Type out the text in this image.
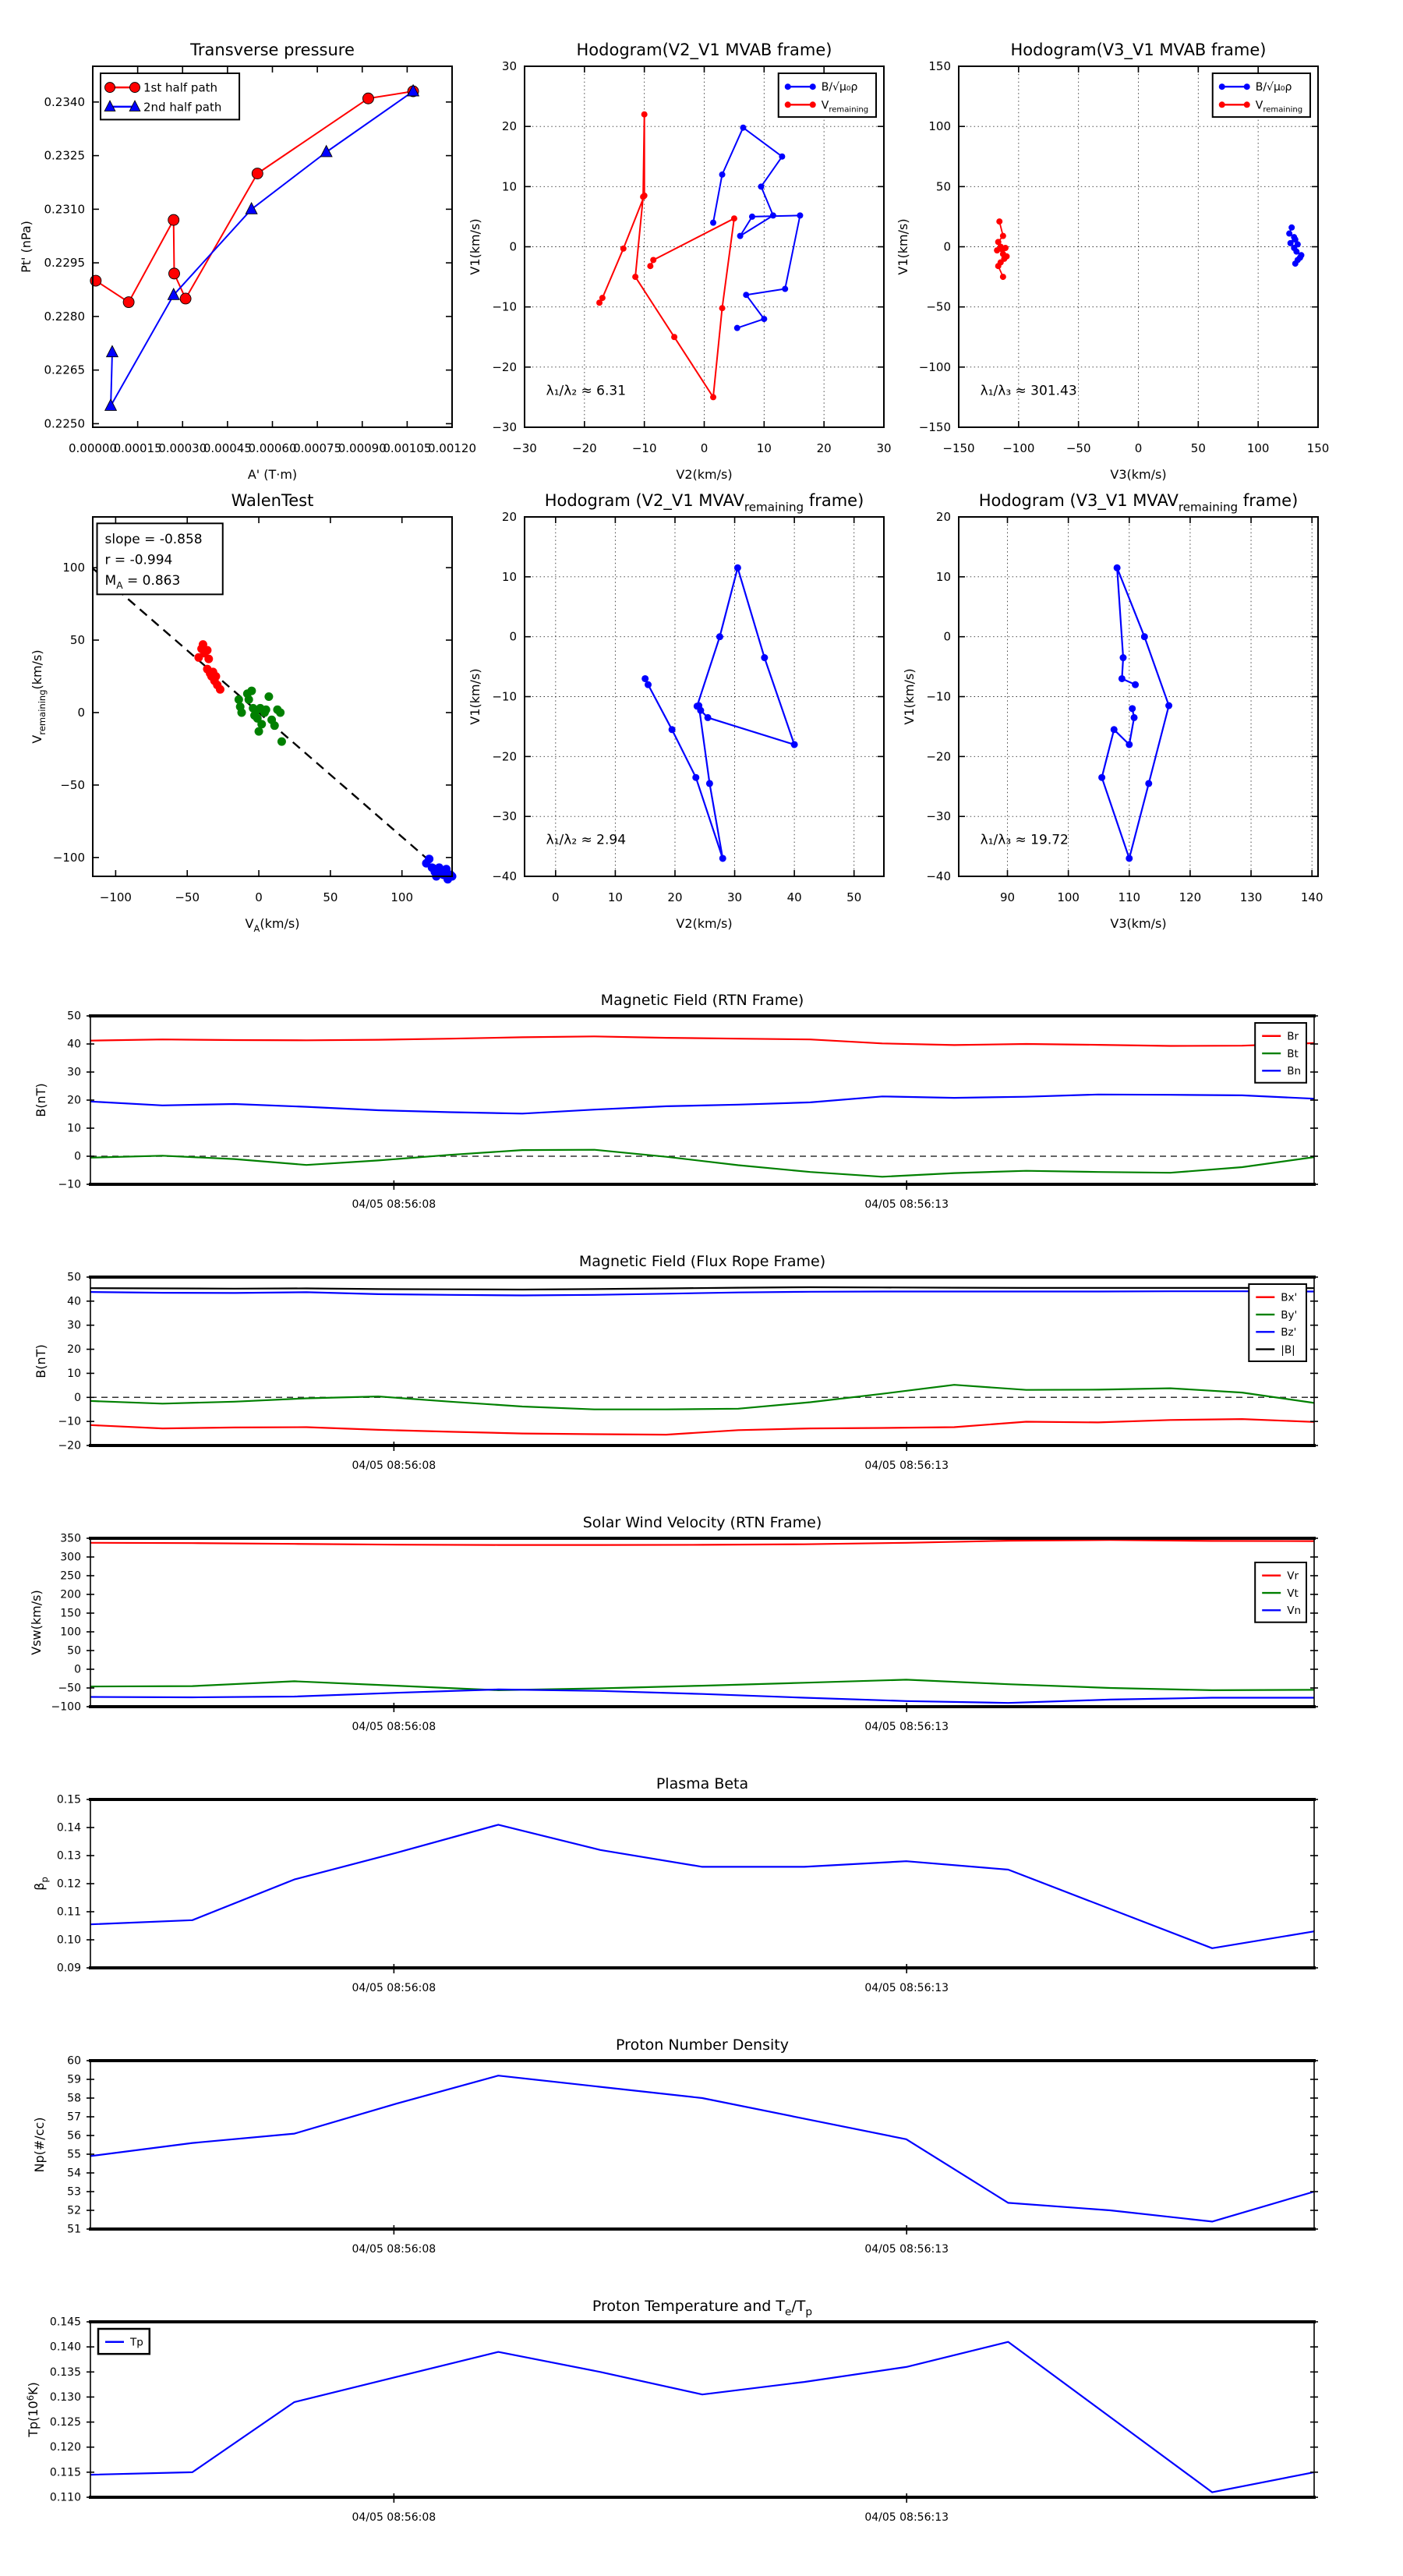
0.00000
0.00015
0.00030
0.00045
0.00060
0.00075
0.00090
0.00105
0.00120
0.2250
0.2265
0.2280
0.2295
0.2310
0.2325
0.2340
Transverse pressure
A' (T·m)
Pt' (nPa)
1st half path
2nd half path
−30	−20	−10	0	10	20	30
−30
−20
−10
0
10
20
30
Hodogram(V2_V1 MVAB frame)
V2(km/s)
V1(km/s)
B/√μ₀ρ
$V_{remaining}$
λ₁/λ₂ ≈ 6.31
−150 −100	−50	0	50	100	150
−150
−100
−50
0
50
100
150
Hodogram(V3_V1 MVAB frame)
V3(km/s)
V1(km/s)
B/√μ₀ρ
$V_{remaining}$
λ₁/λ₃ ≈ 301.43
−100	−50	0	50	100
−100
−50
0
50
100
WalenTest
$V_A(km/s)$
$V_{remaining}(km/s)$
slope = -0.858
r = -0.994
$M_A = 0.863$
0	10	20	30	40	50
−40
−30
−20
−10
0
10
20
Hodogram (V2_V1 $MVAV_{remaining}$ frame)
V2(km/s)
V1(km/s)
λ₁/λ₂ ≈ 2.94
90	100	110	120	130	140
−40
−30
−20
−10
0
10
20
Hodogram (V3_V1 $MVAV_{remaining}$ frame)
V3(km/s)
V1(km/s)
λ₁/λ₃ ≈ 19.72
−10
0
10
20
30
40
50
04/05 08:56:08	04/05 08:56:13
Magnetic Field (RTN Frame)
B(nT)
Br
Bt
Bn
−20
−10
0
10
20
30
40
50
04/05 08:56:08	04/05 08:56:13
Magnetic Field (Flux Rope Frame)
B(nT)
Bx'
By'
Bz'
|B|
−100
−50
0
50
100
150
200
250
300
350
04/05 08:56:08	04/05 08:56:13
Solar Wind Velocity (RTN Frame)
Vsw(km/s)
Vr
Vt
Vn
0.09
0.10
0.11
0.12
0.13
0.14
0.15
04/05 08:56:08	04/05 08:56:13
Plasma Beta
$\beta_p$
51
52
53
54
55
56
57
58
59
60
04/05 08:56:08	04/05 08:56:13
Proton Number Density
Np(#/cc)
0.110
0.115
0.120
0.125
0.130
0.135
0.140
0.145
04/05 08:56:08	04/05 08:56:13
Proton Temperature and $T_e/T_p$
$Tp(10^6K)$
Tp
